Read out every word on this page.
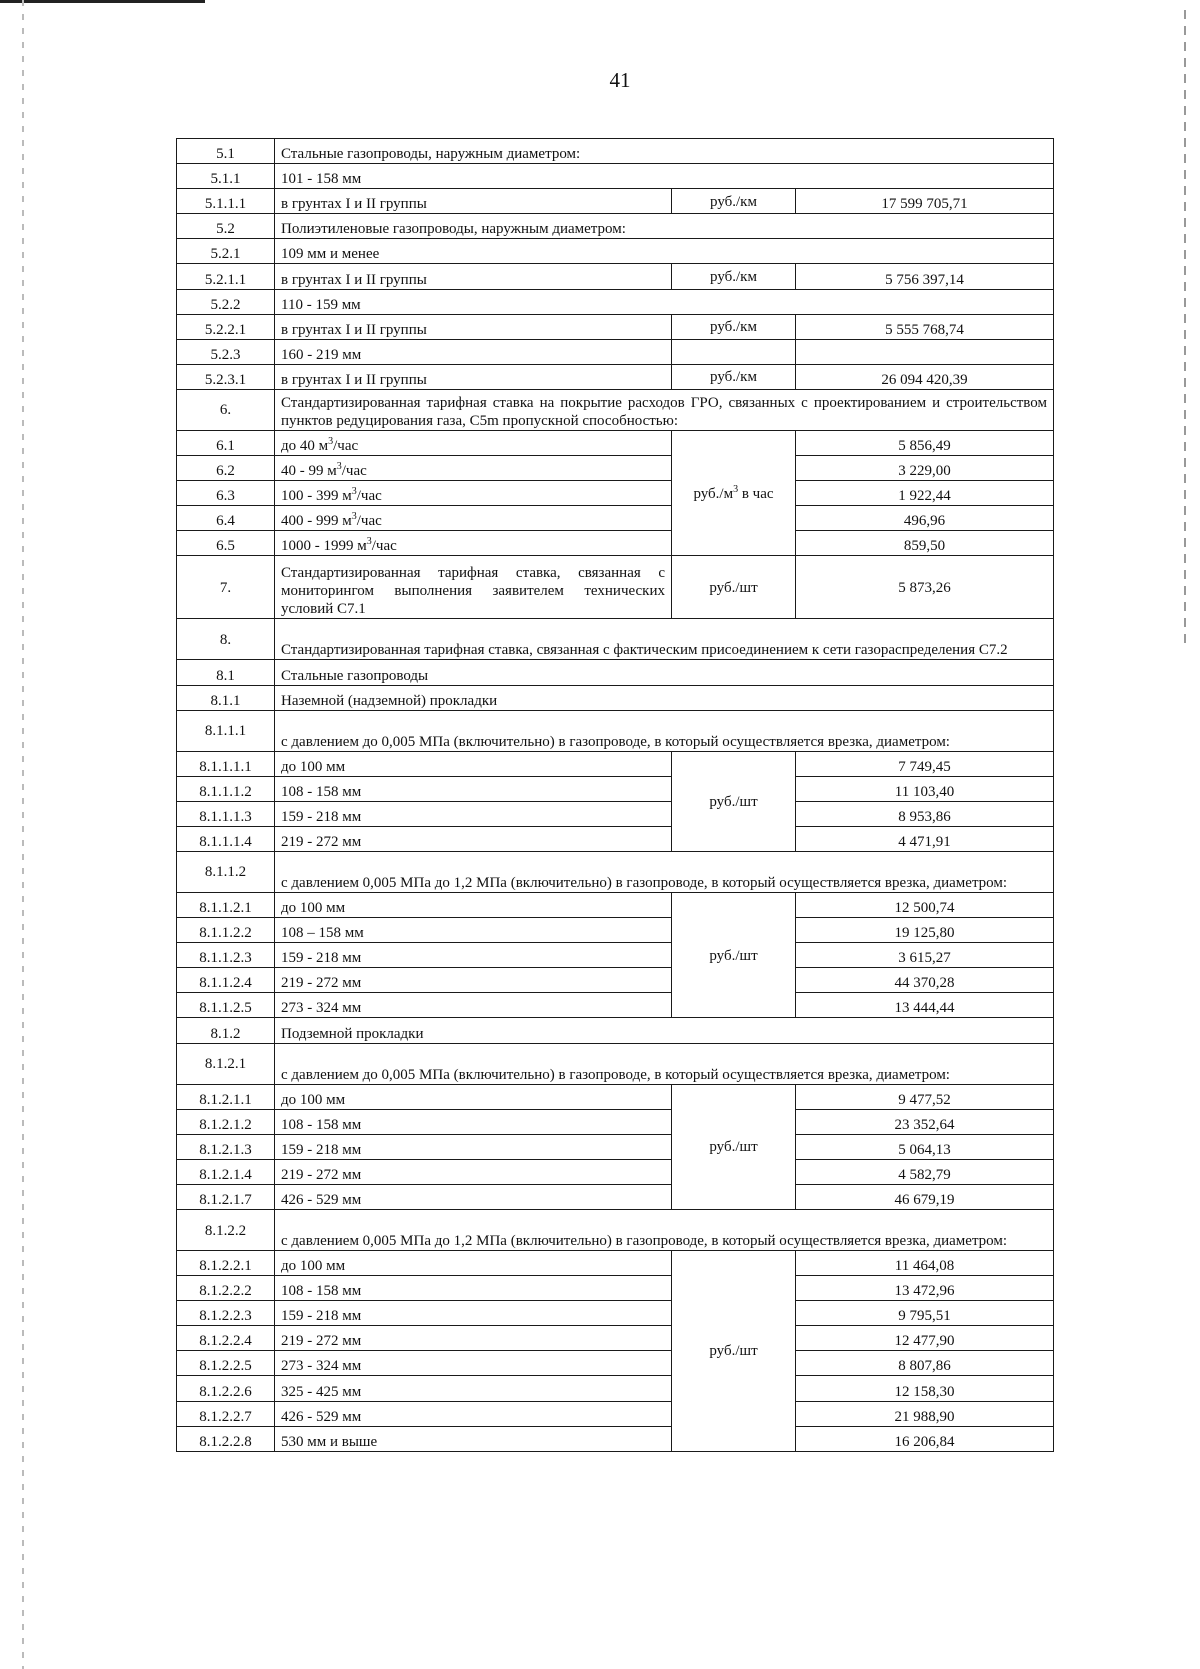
41
5.1	Стальные газопроводы, наружным диаметром:		
5.1.1	101 - 158 мм		
5.1.1.1	в грунтах I и II группы	руб./км	17 599 705,71
5.2	Полиэтиленовые газопроводы, наружным диаметром:		
5.2.1	109 мм и менее		
5.2.1.1	в грунтах I и II группы	руб./км	5 756 397,14
5.2.2	110 - 159 мм		
5.2.2.1	в грунтах I и II группы	руб./км	5 555 768,74
5.2.3	160 - 219 мм		
5.2.3.1	в грунтах I и II группы	руб./км	26 094 420,39
6.	Стандартизированная тарифная ставка на покрытие расходов ГРО, связанных с проектированием и строительством пунктов редуцирования газа, С5m пропускной способностью:		
6.1	до 40 $м^3$/час	$руб./м^3$ в час	5 856,49
6.2	40 - 99 $м^3$/час		3 229,00
6.3	100 - 399 $м^3$/час		1 922,44
6.4	400 - 999 $м^3$/час		496,96
6.5	1000 - 1999 $м^3$/час		859,50
7.	Стандартизированная тарифная ставка, связанная с мониторингом выполнения заявителем технических условий С7.1	руб./шт	5 873,26
8.	Стандартизированная тарифная ставка, связанная с фактическим присоединением к сети газораспределения С7.2		
8.1	Стальные газопроводы		
8.1.1	Наземной (надземной) прокладки		
8.1.1.1	с давлением до 0,005 МПа (включительно) в газопроводе, в который осуществляется врезка, диаметром:		
8.1.1.1.1	до 100 мм	руб./шт	7 749,45
8.1.1.1.2	108 - 158 мм		11 103,40
8.1.1.1.3	159 - 218 мм		8 953,86
8.1.1.1.4	219 - 272 мм		4 471,91
8.1.1.2	с давлением 0,005 МПа до 1,2 МПа (включительно) в газопроводе, в который осуществляется врезка, диаметром:		
8.1.1.2.1	до 100 мм	руб./шт	12 500,74
8.1.1.2.2	108 – 158 мм		19 125,80
8.1.1.2.3	159 - 218 мм		3 615,27
8.1.1.2.4	219 - 272 мм		44 370,28
8.1.1.2.5	273 - 324 мм		13 444,44
8.1.2	Подземной прокладки		
8.1.2.1	с давлением до 0,005 МПа (включительно) в газопроводе, в который осуществляется врезка, диаметром:		
8.1.2.1.1	до 100 мм	руб./шт	9 477,52
8.1.2.1.2	108 - 158 мм		23 352,64
8.1.2.1.3	159 - 218 мм		5 064,13
8.1.2.1.4	219 - 272 мм		4 582,79
8.1.2.1.7	426 - 529 мм		46 679,19
8.1.2.2	с давлением 0,005 МПа до 1,2 МПа (включительно) в газопроводе, в который осуществляется врезка, диаметром:		
8.1.2.2.1	до 100 мм	руб./шт	11 464,08
8.1.2.2.2	108 - 158 мм		13 472,96
8.1.2.2.3	159 - 218 мм		9 795,51
8.1.2.2.4	219 - 272 мм		12 477,90
8.1.2.2.5	273 - 324 мм		8 807,86
8.1.2.2.6	325 - 425 мм		12 158,30
8.1.2.2.7	426 - 529 мм		21 988,90
8.1.2.2.8	530 мм и выше		16 206,84
